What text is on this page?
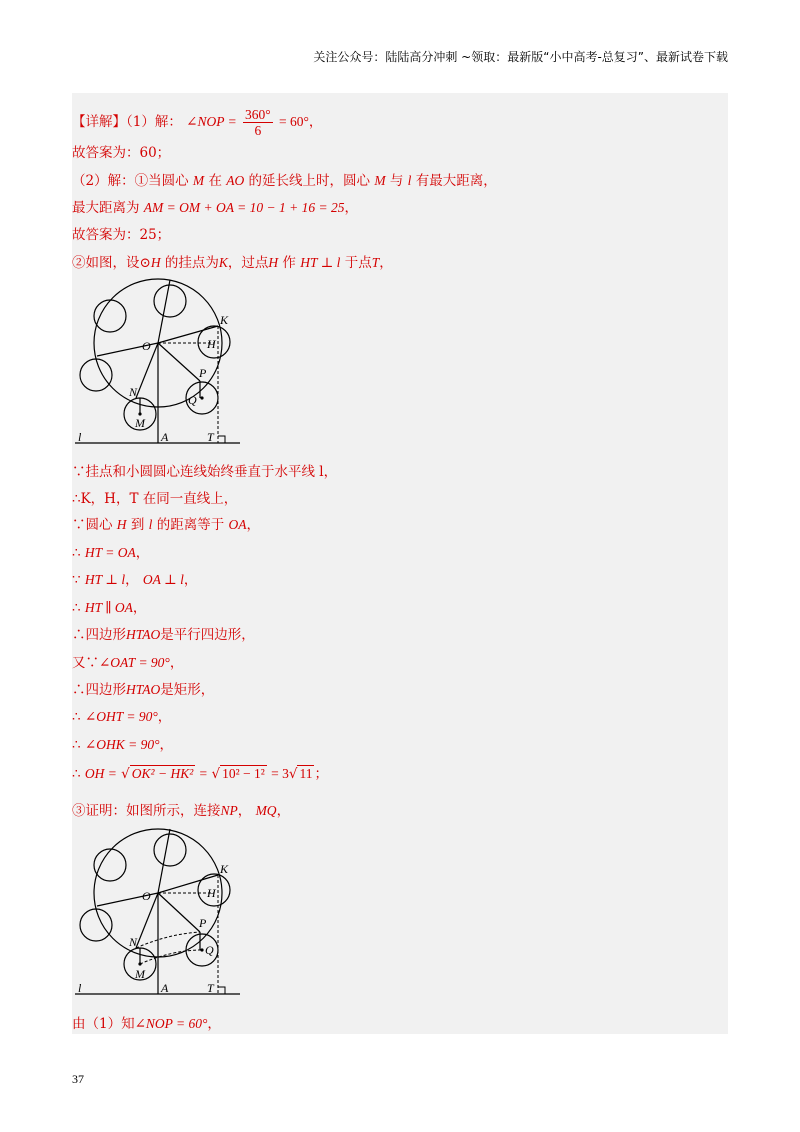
关注公众号：陆陆高分冲刺 ~领取：最新版“小中高考-总复习”、最新试卷下载
【详解】（1）解： ∠NOP = $\frac{360^\circ}{6} = 60^\circ$，
故答案为：60；
（2）解：①当圆心 M 在 AO 的延长线上时，圆心 M 与 l 有最大距离，
最大距离为 AM = OM + OA = 10 − 1 + 16 = 25，
故答案为：25；
②如图，设⊙H 的挂点为K，过点H 作 HT ⊥ l 于点T，
O
K
H
P
Q
N
M
A	T
l
∵挂点和小圆圆心连线始终垂直于水平线 l，
∴K，H，T 在同一直线上，
∵圆心 H 到 l 的距离等于 OA，
∴ HT = OA，
∵ HT ⊥ l， OA ⊥ l，
∴ HT ∥ OA，
∴四边形HTAO是平行四边形，
又∵∠OAT = 90°，
∴四边形HTAO是矩形，
∴ ∠OHT = 90°，
∴ ∠OHK = 90°，
∴ OH = √ OK² − HK² = √ 10² − 1² = 3√ 11 ；
③证明：如图所示，连接NP， MQ，
O
K
H
P
Q
N
M
A	T
l
由（1）知∠NOP = 60°，
37
